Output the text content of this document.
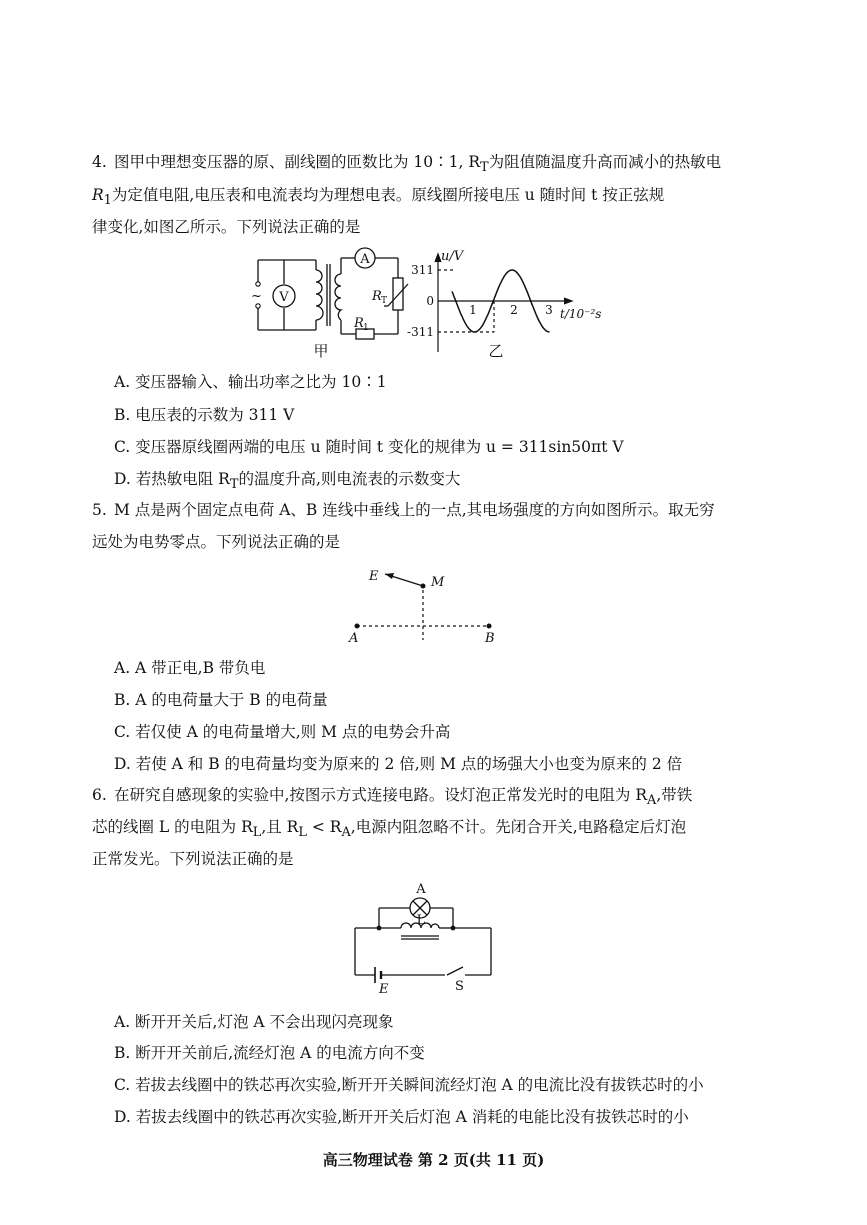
4. 图甲中理想变压器的原、副线圈的匝数比为 10∶1, $R_T$为阻值随温度升高而减小的热敏电
$R_1$为定值电阻,电压表和电流表均为理想电表。原线圈所接电压 u 随时间 t 按正弦规
律变化,如图乙所示。下列说法正确的是
V
A
~	R T
R 1
甲
u/V
t/10⁻²s
311
0
-311
1	2 3
乙
A. 变压器输入、输出功率之比为 10∶1
B. 电压表的示数为 311 V
C. 变压器原线圈两端的电压 u 随时间 t 变化的规律为 u = 311sin50πt V
D. 若热敏电阻 $R_T$的温度升高,则电流表的示数变大
5. M 点是两个固定点电荷 A、B 连线中垂线上的一点,其电场强度的方向如图所示。取无穷
远处为电势零点。下列说法正确的是
E	M
A	B
A. A 带正电,B 带负电
B. A 的电荷量大于 B 的电荷量
C. 若仅使 A 的电荷量增大,则 M 点的电势会升高
D. 若使 A 和 B 的电荷量均变为原来的 2 倍,则 M 点的场强大小也变为原来的 2 倍
6. 在研究自感现象的实验中,按图示方式连接电路。设灯泡正常发光时的电阻为 $R_A$,带铁
芯的线圈 L 的电阻为 $R_L$,且 $R_L < R_A$,电源内阻忽略不计。先闭合开关,电路稳定后灯泡
正常发光。下列说法正确的是
A
L
E	S
A. 断开开关后,灯泡 A 不会出现闪亮现象
B. 断开开关前后,流经灯泡 A 的电流方向不变
C. 若拔去线圈中的铁芯再次实验,断开开关瞬间流经灯泡 A 的电流比没有拔铁芯时的小
D. 若拔去线圈中的铁芯再次实验,断开开关后灯泡 A 消耗的电能比没有拔铁芯时的小
高三物理试卷 第 2 页(共 11 页)
